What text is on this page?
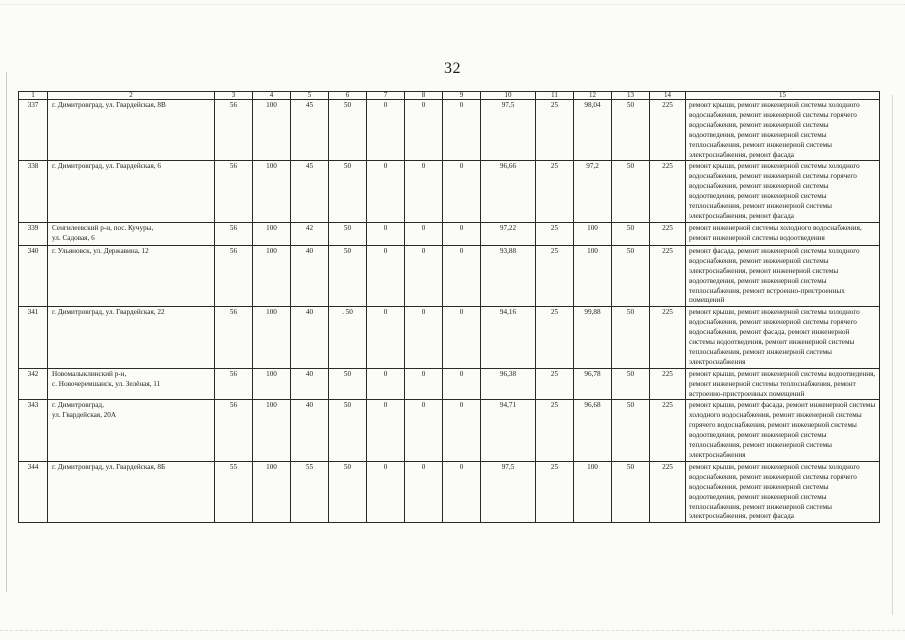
32
1	2	3	4	5	6	7	8	9	10	11	12	13	14	15
337	г. Димитровград, ул. Гвардейская, 8В	56	100	45	50	0	0	0	97,5	25	98,04	50	225	ремонт крыши, ремонт инженерной системы холодного водоснабжения, ремонт инженерной системы горячего водоснабжения, ремонт инженерной системы водоотведения, ремонт инженерной системы теплоснабжения, ремонт инженерной системы электроснабжения, ремонт фасада
338	г. Димитровград, ул. Гвардейская, 6	56	100	45	50	0	0	0	96,66	25	97,2	50	225	ремонт крыши, ремонт инженерной системы холодного водоснабжения, ремонт инженерной системы горячего водоснабжения, ремонт инженерной системы водоотведения, ремонт инженерной системы теплоснабжения, ремонт инженерной системы электроснабжения, ремонт фасада
339	Сенгилеевский р-н, пос. Кучуры,
ул. Садовая, 6	56	100	42	50	0	0	0	97,22	25	100	50	225	ремонт инженерной системы холодного водоснабжения, ремонт инженерной системы водоотведения
340	г. Ульяновск, ул. Державина, 12	56	100	40	50	0	0	0	93,88	25	100	50	225	ремонт фасада, ремонт инженерной системы холодного водоснабжения, ремонт инженерной системы электроснабжения, ремонт инженерной системы водоотведения, ремонт инженерной системы теплоснабжения, ремонт встроенно-пристроенных помещений
341	г. Димитровград, ул. Гвардейская, 22	56	100	40	. 50	0	0	0	94,16	25	99,88	50	225	ремонт крыши, ремонт инженерной системы холодного водоснабжения, ремонт инженерной системы горячего водоснабжения, ремонт фасада, ремонт инженерной системы водоотведения, ремонт инженерной системы теплоснабжения, ремонт инженерной системы электроснабжения
342	Новомалыклинский р-н,
с. Новочеремшанск, ул. Зелёная, 11	56	100	40	50	0	0	0	96,38	25	96,78	50	225	ремонт крыши, ремонт инженерной системы водоотведения, ремонт инженерной системы теплоснабжения, ремонт встроенно-пристроенных помещений
343	г. Димитровград,
ул. Гвардейская, 20А	56	100	40	50	0	0	0	94,71	25	96,68	50	225	ремонт крыши, ремонт фасада, ремонт инженерной системы холодного водоснабжения, ремонт инженерной системы горячего водоснабжения, ремонт инженерной системы водоотведения, ремонт инженерной системы теплоснабжения, ремонт инженерной системы электроснабжения
344	г. Димитровград, ул. Гвардейская, 8Б	55	100	55	50	0	0	0	97,5	25	100	50	225	ремонт крыши, ремонт инженерной системы холодного водоснабжения, ремонт инженерной системы горячего водоснабжения, ремонт инженерной системы водоотведения, ремонт инженерной системы теплоснабжения, ремонт инженерной системы электроснабжения, ремонт фасада
